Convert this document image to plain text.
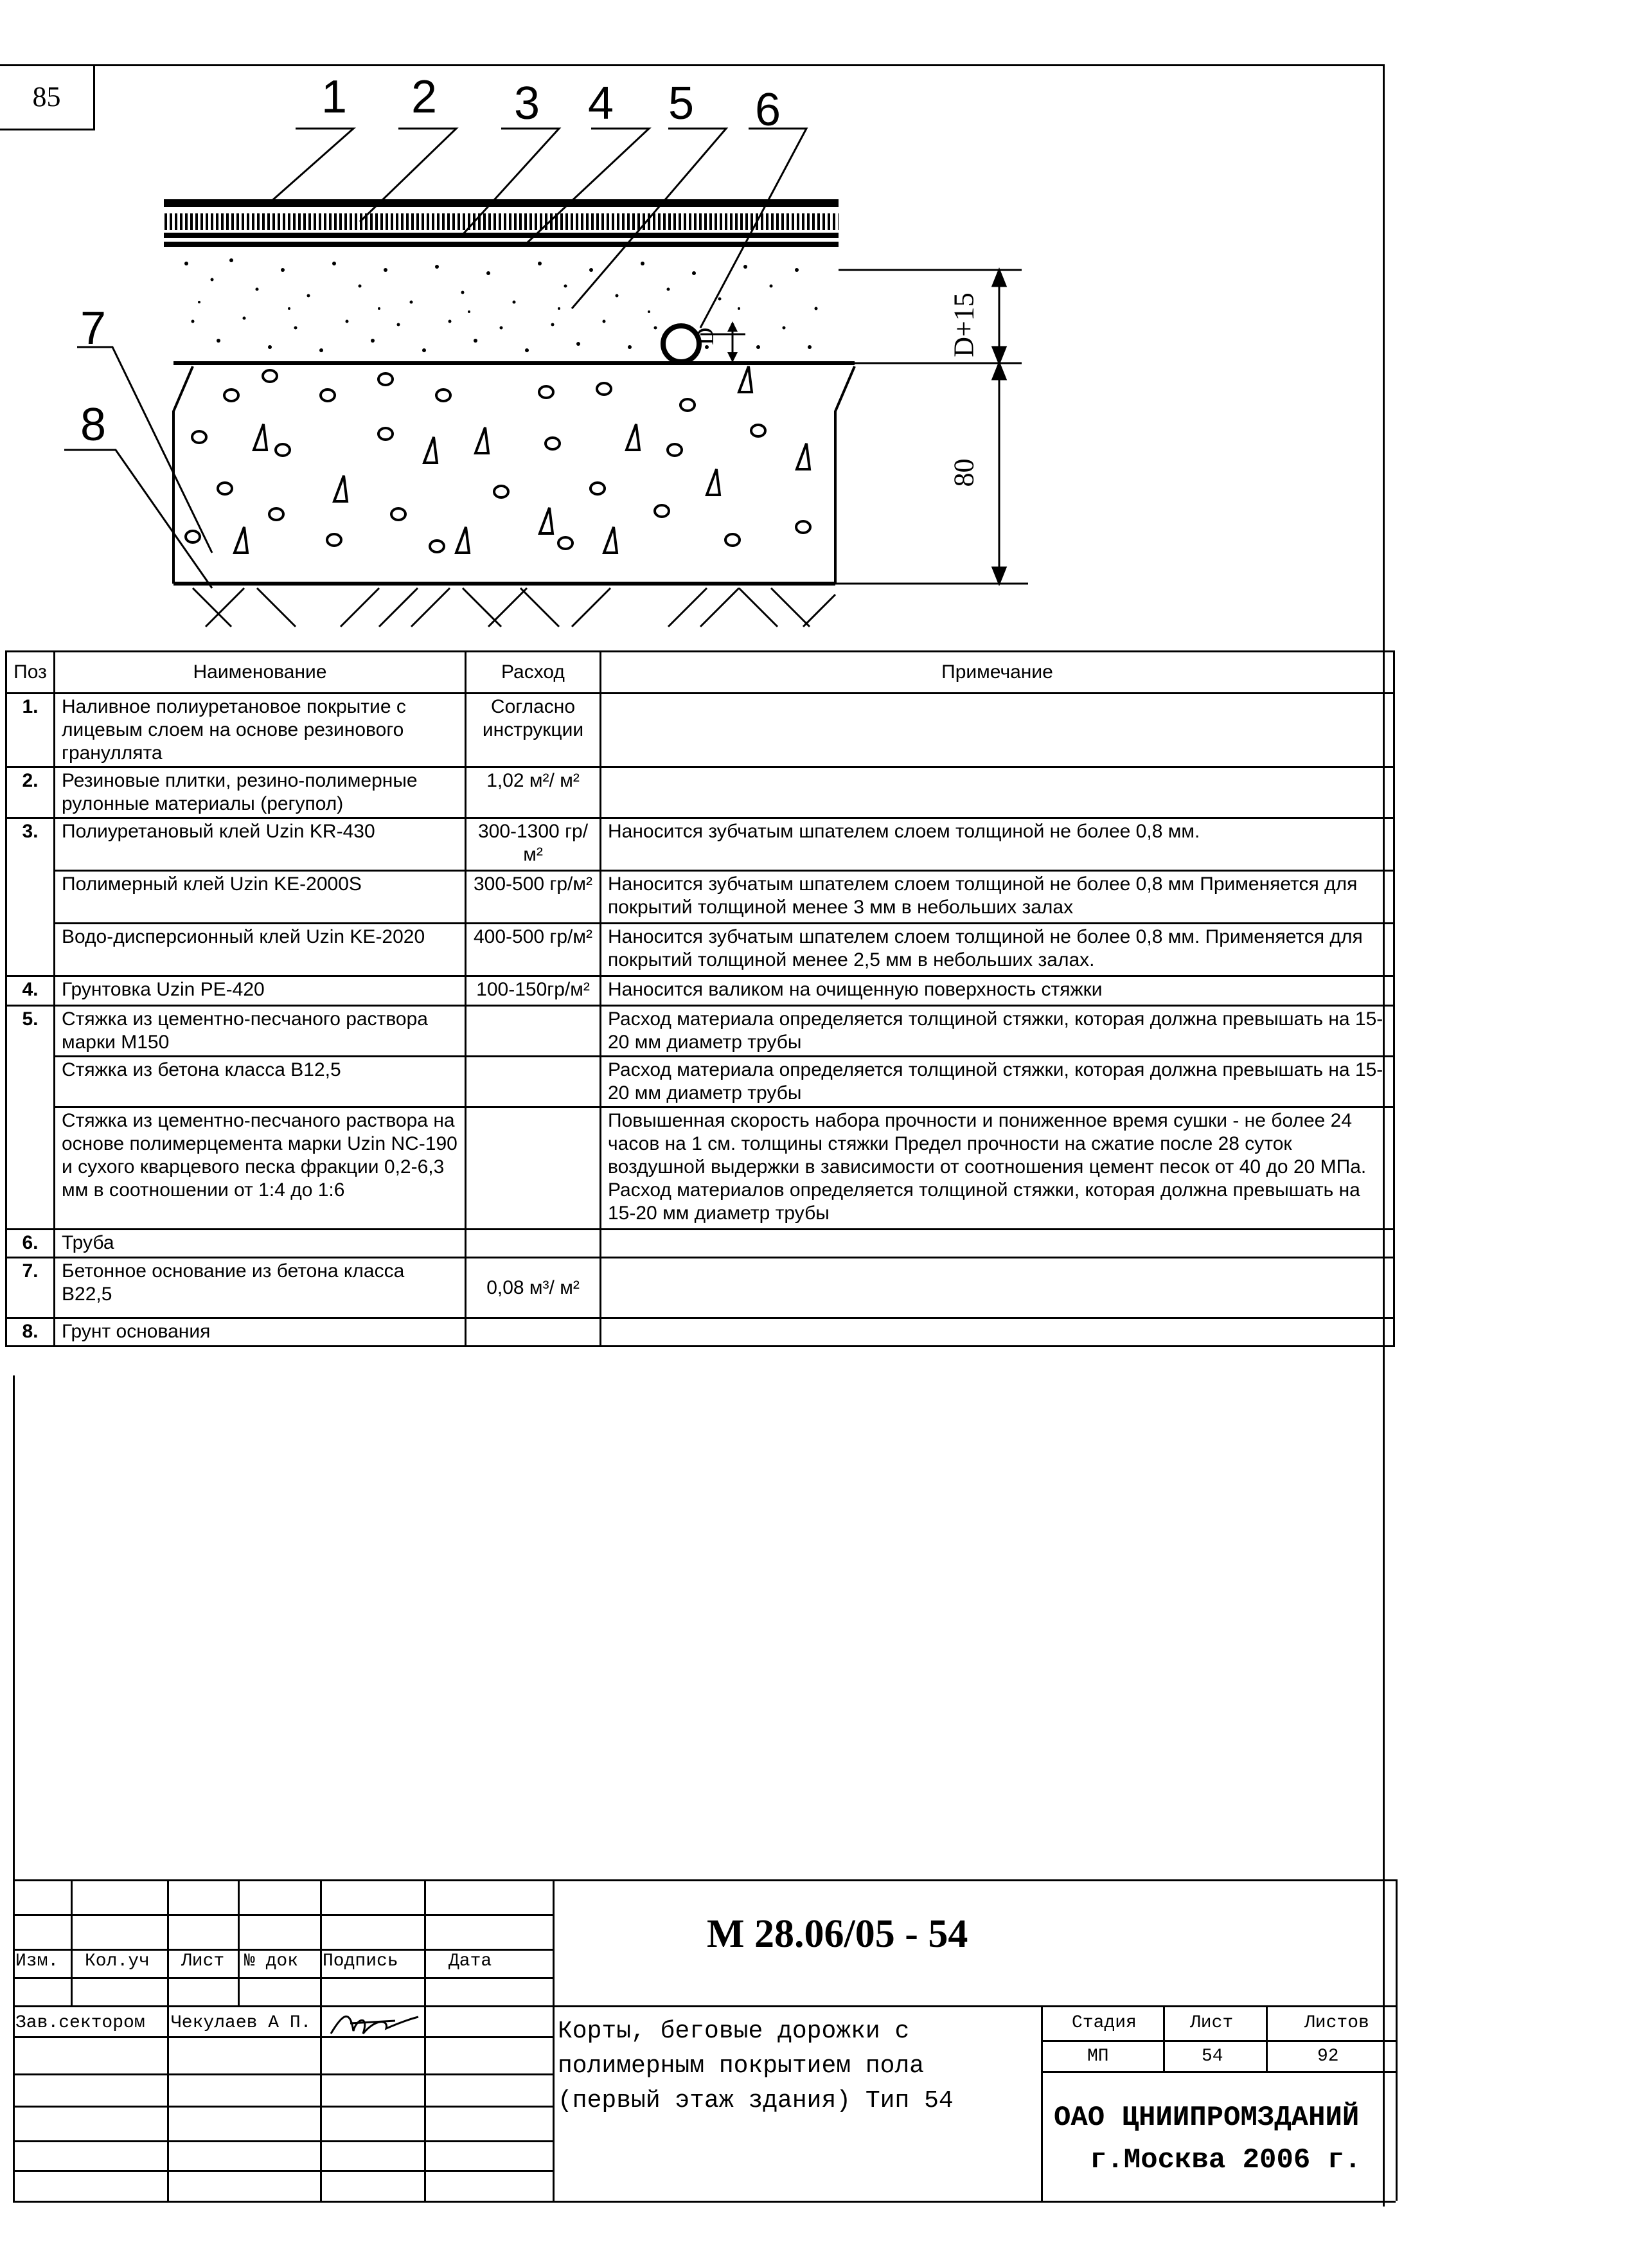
85
D
1 2 3 4 5 6
7
8
D+15
80
Поз	Наименование	Расход	Примечание
1.	Наливное полиуретановое покрытие с лицевым слоем на основе резинового грануллята	Согласно инструкции	
2.	Резиновые плитки, резино-полимерные рулонные материалы (регупол)	1,02 м²/ м²	
3.	Полиуретановый клей Uzin KR-430	300-1300 гр/м²	Наносится зубчатым шпателем слоем толщиной не более 0,8 мм.
	Полимерный клей Uzin KE-2000S	300-500 гр/м²	Наносится зубчатым шпателем слоем толщиной не более 0,8 мм Применяется для покрытий толщиной менее 3 мм в небольших залах
	Водо-дисперсионный клей Uzin KE-2020	400-500 гр/м²	Наносится зубчатым шпателем слоем толщиной не более 0,8 мм. Применяется для покрытий толщиной менее 2,5 мм в небольших залах.
4.	Грунтовка Uzin PE-420	100-150гр/м²	Наносится валиком на очищенную поверхность стяжки
5.	Стяжка из цементно-песчаного раствора марки М150		Расход материала определяется толщиной стяжки, которая должна превышать на 15-20 мм диаметр трубы
	Стяжка из бетона класса В12,5		Расход материала определяется толщиной стяжки, которая должна превышать на 15-20 мм диаметр трубы
	Стяжка из цементно-песчаного раствора на основе полимерцемента марки Uzin NC-190 и сухого кварцевого песка фракции 0,2-6,3 мм в соотношении от 1:4 до 1:6		Повышенная скорость набора прочности и пониженное время сушки - не более 24 часов на 1 см. толщины стяжки Предел прочности на сжатие после 28 суток воздушной выдержки в зависимости от соотношения цемент песок от 40 до 20 МПа. Расход материалов определяется толщиной стяжки, которая должна превышать на 15-20 мм диаметр трубы
6.	Труба		
7.	Бетонное основание из бетона класса В22,5	0,08 м³/ м²	
8.	Грунт основания		
Изм. Кол.уч Лист № док Подпись	Дата
Зав.сектором Чекулаев А П.
М 28.06/05 - 54
Корты, беговые дорожки с полимерным покрытием пола (первый этаж здания) Тип 54
Стадия	Лист	Листов
МП	54	92
ОАО ЦНИИПРОМЗДАНИЙ
г.Москва 2006 г.
